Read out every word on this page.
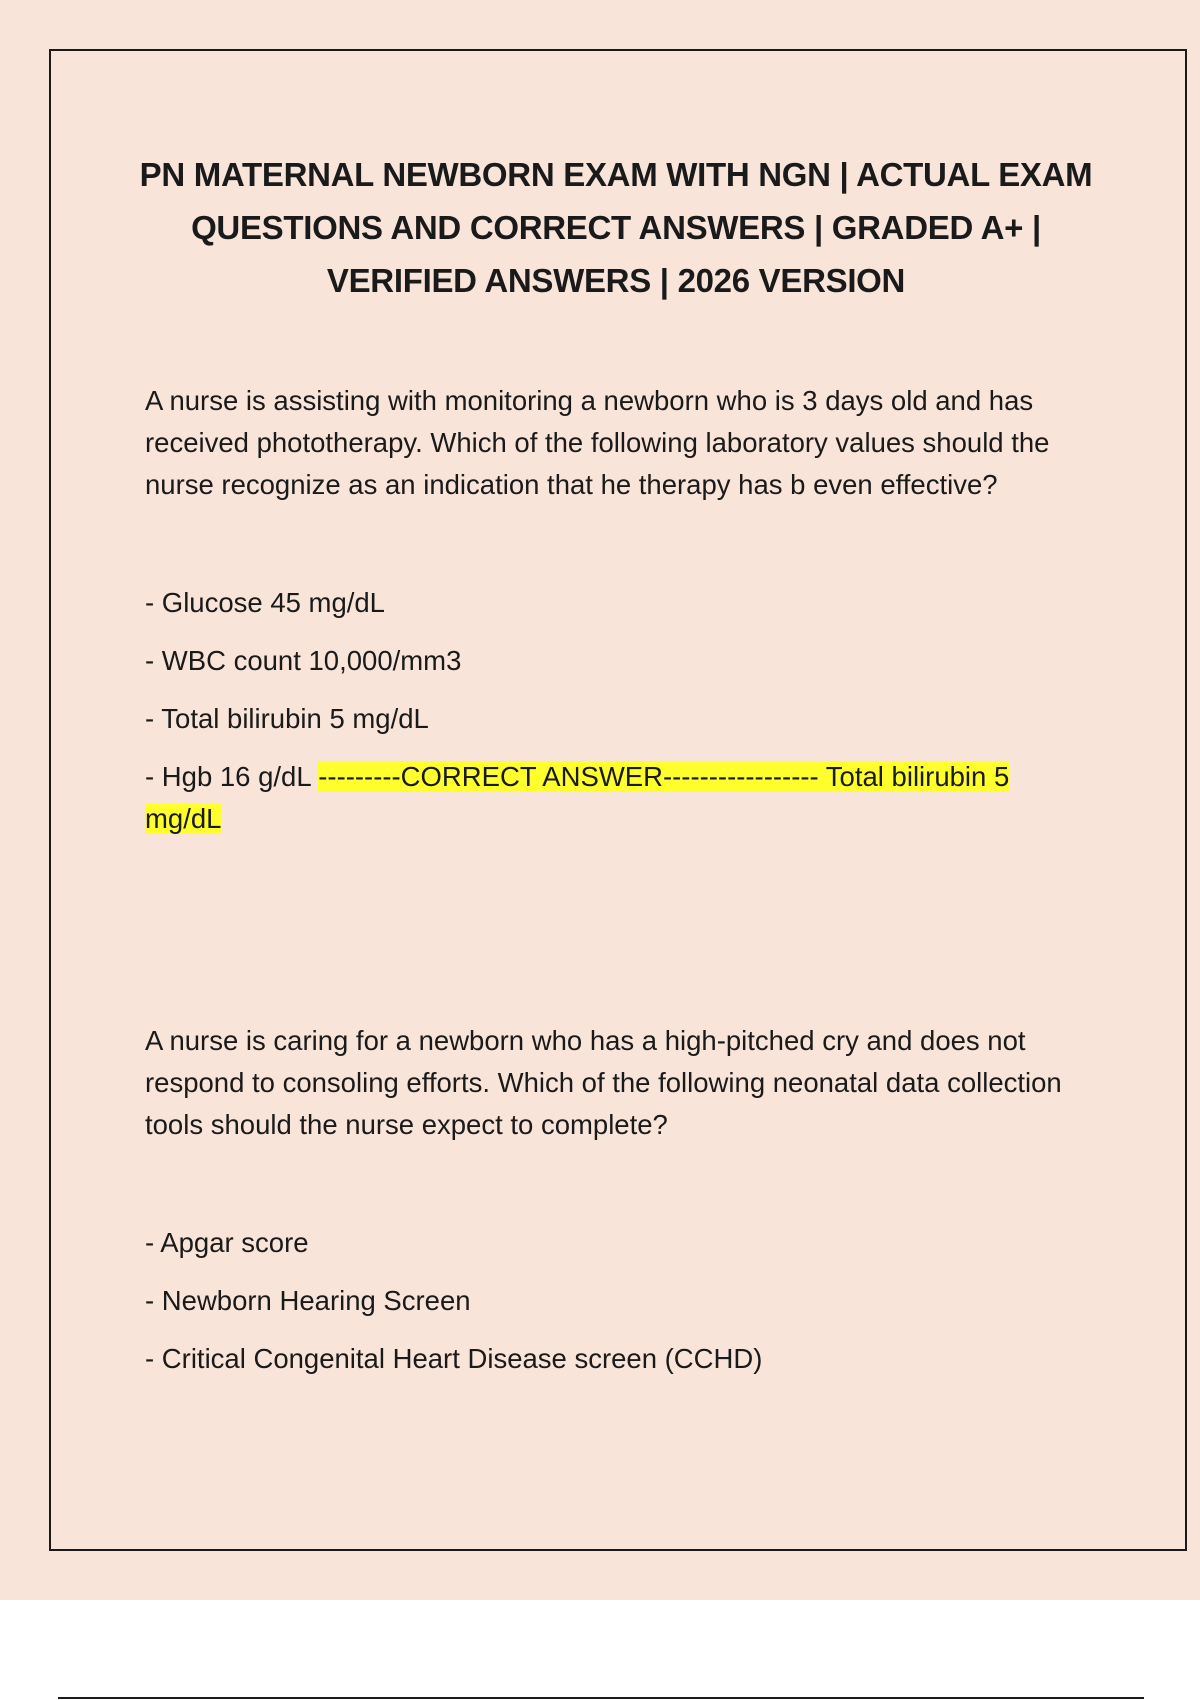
PN MATERNAL NEWBORN EXAM WITH NGN | ACTUAL EXAM QUESTIONS AND CORRECT ANSWERS | GRADED A+ | VERIFIED ANSWERS | 2026 VERSION

A nurse is assisting with monitoring a newborn who is 3 days old and has received phototherapy. Which of the following laboratory values should the nurse recognize as an indication that he therapy has b even effective?

- Glucose 45 mg/dL
- WBC count 10,000/mm3
- Total bilirubin 5 mg/dL
- Hgb 16 g/dL ---------CORRECT ANSWER----------------- Total bilirubin 5 mg/dL

A nurse is caring for a newborn who has a high-pitched cry and does not respond to consoling efforts. Which of the following neonatal data collection tools should the nurse expect to complete?

- Apgar score
- Newborn Hearing Screen
- Critical Congenital Heart Disease screen (CCHD)
